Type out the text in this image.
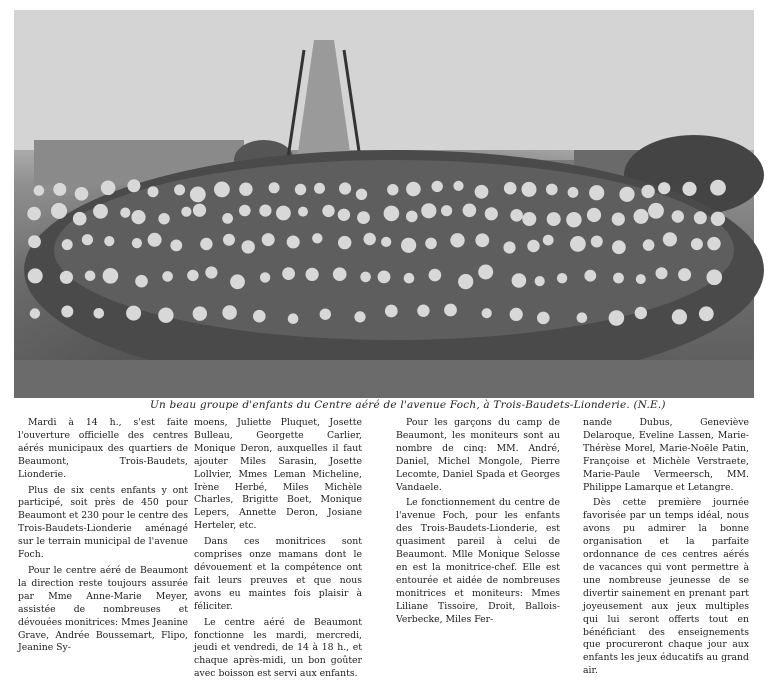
Un beau groupe d'enfants du Centre aéré de l'avenue Foch, à Trois-Baudets-Lionderie. (N.E.)

Mardi à 14 h., s'est faite l'ouverture officielle des centres aérés municipaux des quartiers de Beaumont, Trois-Baudets, Lionderie.

Plus de six cents enfants y ont participé, soit près de 450 pour Beaumont et 230 pour le centre des Trois-Baudets-Lionderie aménagé sur le terrain municipal de l'avenue Foch.

Pour le centre aéré de Beaumont la direction reste toujours assurée par Mme Anne-Marie Meyer, assistée de nombreuses et dévouées monitrices: Mmes Jeanine Grave, Andrée Boussemart, Flipo, Jeanine Sy-

moens, Juliette Pluquet, Josette Bulleau, Georgette Carlier, Monique Deron, auxquelles il faut ajouter Miles Sarasin, Josette Lollvier, Mmes Leman Micheline, Irène Herbé, Miles Michèle Charles, Brigitte Boet, Monique Lepers, Annette Deron, Josiane Herteler, etc.

Dans ces monitrices sont comprises onze mamans dont le dévouement et la compétence ont fait leurs preuves et que nous avons eu maintes fois plaisir à féliciter.

Le centre aéré de Beaumont fonctionne les mardi, mercredi, jeudi et vendredi, de 14 à 18 h., et chaque après-midi, un bon goûter avec boisson est servi aux enfants.

Pour les garçons du camp de Beaumont, les moniteurs sont au nombre de cinq: MM. André, Daniel, Michel Mongole, Pierre Lecomte, Daniel Spada et Georges Vandaele.

Le fonctionnement du centre de l'avenue Foch, pour les enfants des Trois-Baudets-Lionderie, est quasiment pareil à celui de Beaumont. Mlle Monique Selosse en est la monitrice-chef. Elle est entourée et aidée de nombreuses monitrices et moniteurs: Mmes Liliane Tissoire, Droit, Ballois-Verbecke, Miles Fer-

nande Dubus, Geneviève Delaroque, Eveline Lassen, Marie-Thérèse Morel, Marie-Noële Patin, Françoise et Michèle Verstraete, Marie-Paule Vermeersch, MM. Philippe Lamarque et Letangre.

Dès cette première journée favorisée par un temps idéal, nous avons pu admirer la bonne organisation et la parfaite ordonnance de ces centres aérés de vacances qui vont permettre à une nombreuse jeunesse de se divertir sainement en prenant part joyeusement aux jeux multiples qui lui seront offerts tout en bénéficiant des enseignements que procureront chaque jour aux enfants les jeux éducatifs au grand air.
